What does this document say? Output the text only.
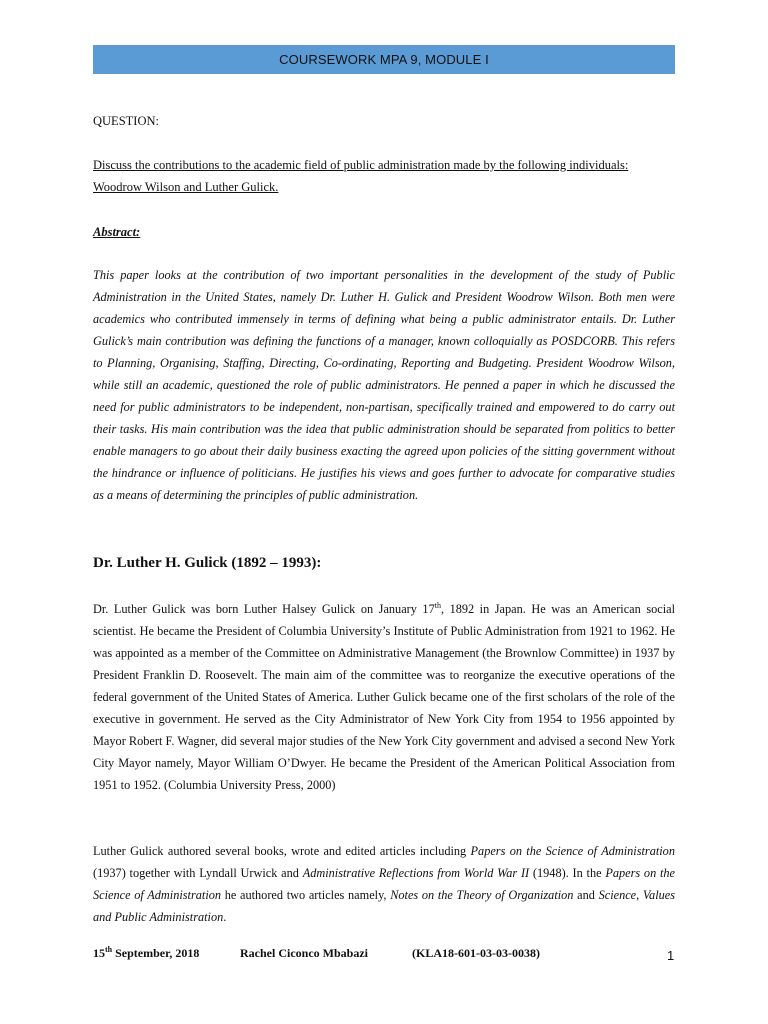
COURSEWORK MPA 9, MODULE I
QUESTION:
Discuss the contributions to the academic field of public administration made by the following individuals: Woodrow Wilson and Luther Gulick.
Abstract:

This paper looks at the contribution of two important personalities in the development of the study of Public Administration in the United States, namely Dr. Luther H. Gulick and President Woodrow Wilson. Both men were academics who contributed immensely in terms of defining what being a public administrator entails. Dr. Luther Gulick’s main contribution was defining the functions of a manager, known colloquially as POSDCORB. This refers to Planning, Organising, Staffing, Directing, Co-ordinating, Reporting and Budgeting. President Woodrow Wilson, while still an academic, questioned the role of public administrators. He penned a paper in which he discussed the need for public administrators to be independent, non-partisan, specifically trained and empowered to do carry out their tasks. His main contribution was the idea that public administration should be separated from politics to better enable managers to go about their daily business exacting the agreed upon policies of the sitting government without the hindrance or influence of politicians. He justifies his views and goes further to advocate for comparative studies as a means of determining the principles of public administration.

Dr. Luther H. Gulick (1892 – 1993):

Dr. Luther Gulick was born Luther Halsey Gulick on January 17th, 1892 in Japan. He was an American social scientist. He became the President of Columbia University’s Institute of Public Administration from 1921 to 1962. He was appointed as a member of the Committee on Administrative Management (the Brownlow Committee) in 1937 by President Franklin D. Roosevelt. The main aim of the committee was to reorganize the executive operations of the federal government of the United States of America. Luther Gulick became one of the first scholars of the role of the executive in government. He served as the City Administrator of New York City from 1954 to 1956 appointed by Mayor Robert F. Wagner, did several major studies of the New York City government and advised a second New York City Mayor namely, Mayor William O’Dwyer. He became the President of the American Political Association from 1951 to 1952. (Columbia University Press, 2000)

Luther Gulick authored several books, wrote and edited articles including Papers on the Science of Administration (1937) together with Lyndall Urwick and Administrative Reflections from World War II (1948). In the Papers on the Science of Administration he authored two articles namely, Notes on the Theory of Organization and Science, Values and Public Administration.

15th September, 2018	Rachel Ciconco Mbabazi	(KLA18-601-03-03-0038)	1
